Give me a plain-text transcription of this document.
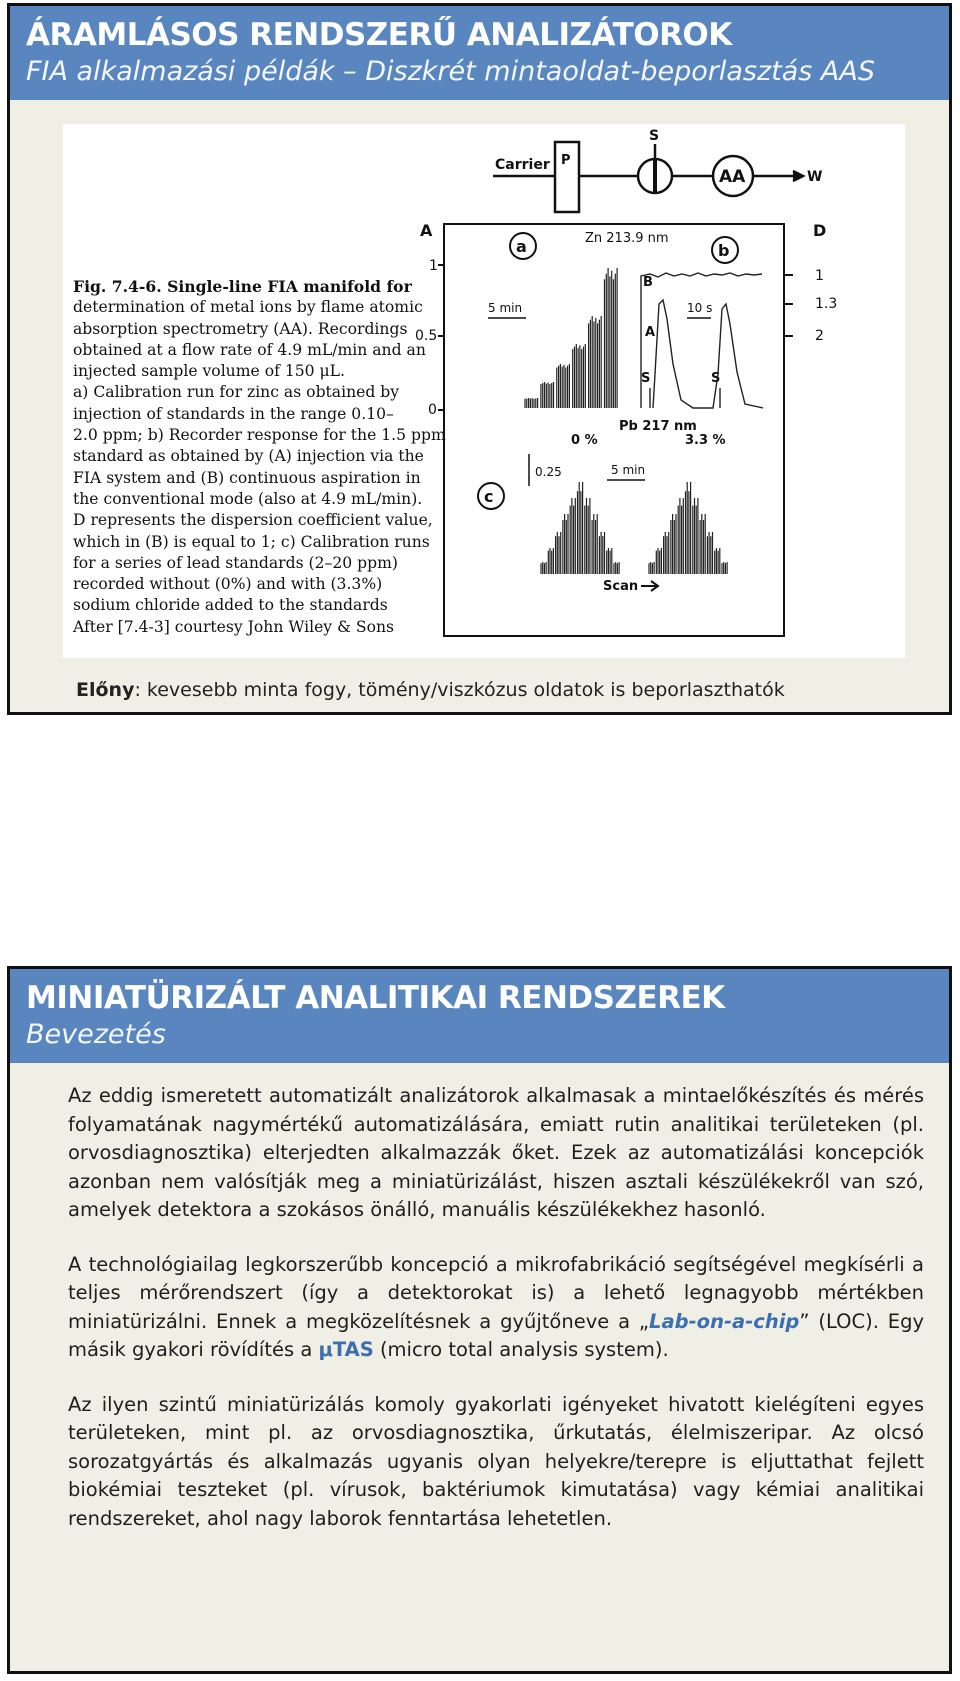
ÁRAMLÁSOS RENDSZERŰ ANALIZÁTOROK
FIA alkalmazási példák – Diszkrét mintaoldat-beporlasztás AAS
Fig. 7.4-6. Single-line FIA manifold for
determination of metal ions by flame atomic
absorption spectrometry (AA). Recordings
obtained at a flow rate of 4.9 mL/min and an
injected sample volume of 150 μL.
a) Calibration run for zinc as obtained by
injection of standards in the range 0.10–
2.0 ppm; b) Recorder response for the 1.5 ppm
standard as obtained by (A) injection via the
FIA system and (B) continuous aspiration in
the conventional mode (also at 4.9 mL/min).
D represents the dispersion coefficient value,
which in (B) is equal to 1; c) Calibration runs
for a series of lead standards (2–20 ppm)
recorded without (0%) and with (3.3%)
sodium chloride added to the standards
After [7.4-3] courtesy John Wiley & Sons
Carrier P
S
AA	W
A
1
0.5
0
D
1
1.3
2
a
5 min
Zn 213.9 nm
b
B
A
10 s
S	S
Pb 217 nm
0 %	3.3 %
c
0.25	5 min
Scan
Előny: kevesebb minta fogy, tömény/viszkózus oldatok is beporlaszthatók
MINIATÜRIZÁLT ANALITIKAI RENDSZEREK
Bevezetés

Az eddig ismeretett automatizált analizátorok alkalmasak a mintaelőkészítés és mérés folyamatának nagymértékű automatizálására, emiatt rutin analitikai területeken (pl. orvosdiagnosztika) elterjedten alkalmazzák őket. Ezek az automatizálási koncepciók azonban nem valósítják meg a miniatürizálást, hiszen asztali készülékekről van szó, amelyek detektora a szokásos önálló, manuális készülékekhez hasonló.

A technológiailag legkorszerűbb koncepció a mikrofabrikáció segítségével megkísérli a teljes mérőrendszert (így a detektorokat is) a lehető legnagyobb mértékben miniatürizálni. Ennek a megközelítésnek a gyűjtőneve a „Lab-on-a-chip” (LOC). Egy másik gyakori rövídítés a μTAS (micro total analysis system).

Az ilyen szintű miniatürizálás komoly gyakorlati igényeket hivatott kielégíteni egyes területeken, mint pl. az orvosdiagnosztika, űrkutatás, élelmiszeripar. Az olcsó sorozatgyártás és alkalmazás ugyanis olyan helyekre/terepre is eljuttathat fejlett biokémiai teszteket (pl. vírusok, baktériumok kimutatása) vagy kémiai analitikai rendszereket, ahol nagy laborok fenntartása lehetetlen.
